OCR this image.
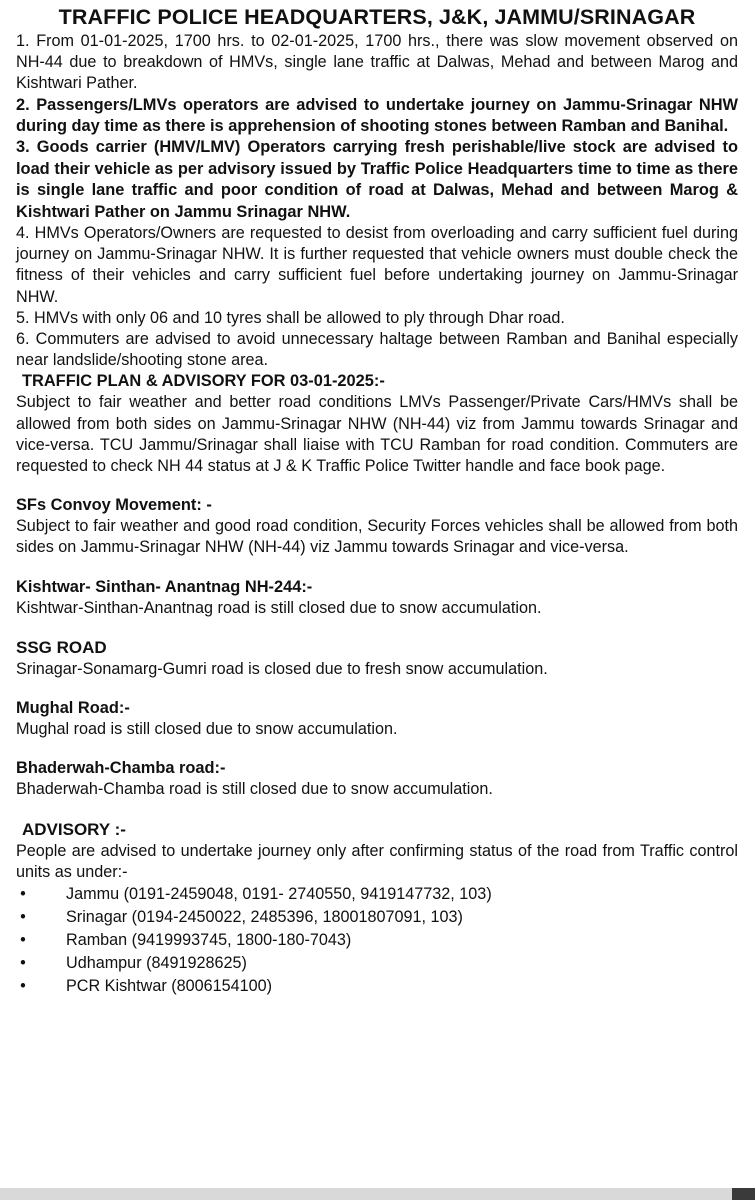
TRAFFIC POLICE HEADQUARTERS, J&K, JAMMU/SRINAGAR

1. From 01-01-2025, 1700 hrs. to 02-01-2025, 1700 hrs., there was slow movement observed on NH-44 due to breakdown of HMVs, single lane traffic at Dalwas, Mehad and between Marog and Kishtwari Pather.

2. Passengers/LMVs operators are advised to undertake journey on Jammu-Srinagar NHW during day time as there is apprehension of shooting stones between Ramban and Banihal.

3. Goods carrier (HMV/LMV) Operators carrying fresh perishable/live stock are advised to load their vehicle as per advisory issued by Traffic Police Headquarters time to time as there is single lane traffic and poor condition of road at Dalwas, Mehad and between Marog & Kishtwari Pather on Jammu Srinagar NHW.

4. HMVs Operators/Owners are requested to desist from overloading and carry sufficient fuel during journey on Jammu-Srinagar NHW. It is further requested that vehicle owners must double check the fitness of their vehicles and carry sufficient fuel before undertaking journey on Jammu-Srinagar NHW.

5. HMVs with only 06 and 10 tyres shall be allowed to ply through Dhar road.

6. Commuters are advised to avoid unnecessary haltage between Ramban and Banihal especially near landslide/shooting stone area.

TRAFFIC PLAN & ADVISORY FOR 03-01-2025:-

Subject to fair weather and better road conditions LMVs Passenger/Private Cars/HMVs shall be allowed from both sides on Jammu-Srinagar NHW (NH-44) viz from Jammu towards Srinagar and vice-versa. TCU Jammu/Srinagar shall liaise with TCU Ramban for road condition. Commuters are requested to check NH 44 status at J & K Traffic Police Twitter handle and face book page.

SFs Convoy Movement: -

Subject to fair weather and good road condition, Security Forces vehicles shall be allowed from both sides on Jammu-Srinagar NHW (NH-44) viz Jammu towards Srinagar and vice-versa.

Kishtwar- Sinthan- Anantnag NH-244:-

Kishtwar-Sinthan-Anantnag road is still closed due to snow accumulation.

SSG ROAD

Srinagar-Sonamarg-Gumri road is closed due to fresh snow accumulation.

Mughal Road:-

Mughal road is still closed due to snow accumulation.

Bhaderwah-Chamba road:-

Bhaderwah-Chamba road is still closed due to snow accumulation.

ADVISORY :-

People are advised to undertake journey only after confirming status of the road from Traffic control units as under:-

• Jammu (0191-2459048, 0191- 2740550, 9419147732, 103)
• Srinagar (0194-2450022, 2485396, 18001807091, 103)
• Ramban (9419993745, 1800-180-7043)
• Udhampur (8491928625)
• PCR Kishtwar (8006154100)
